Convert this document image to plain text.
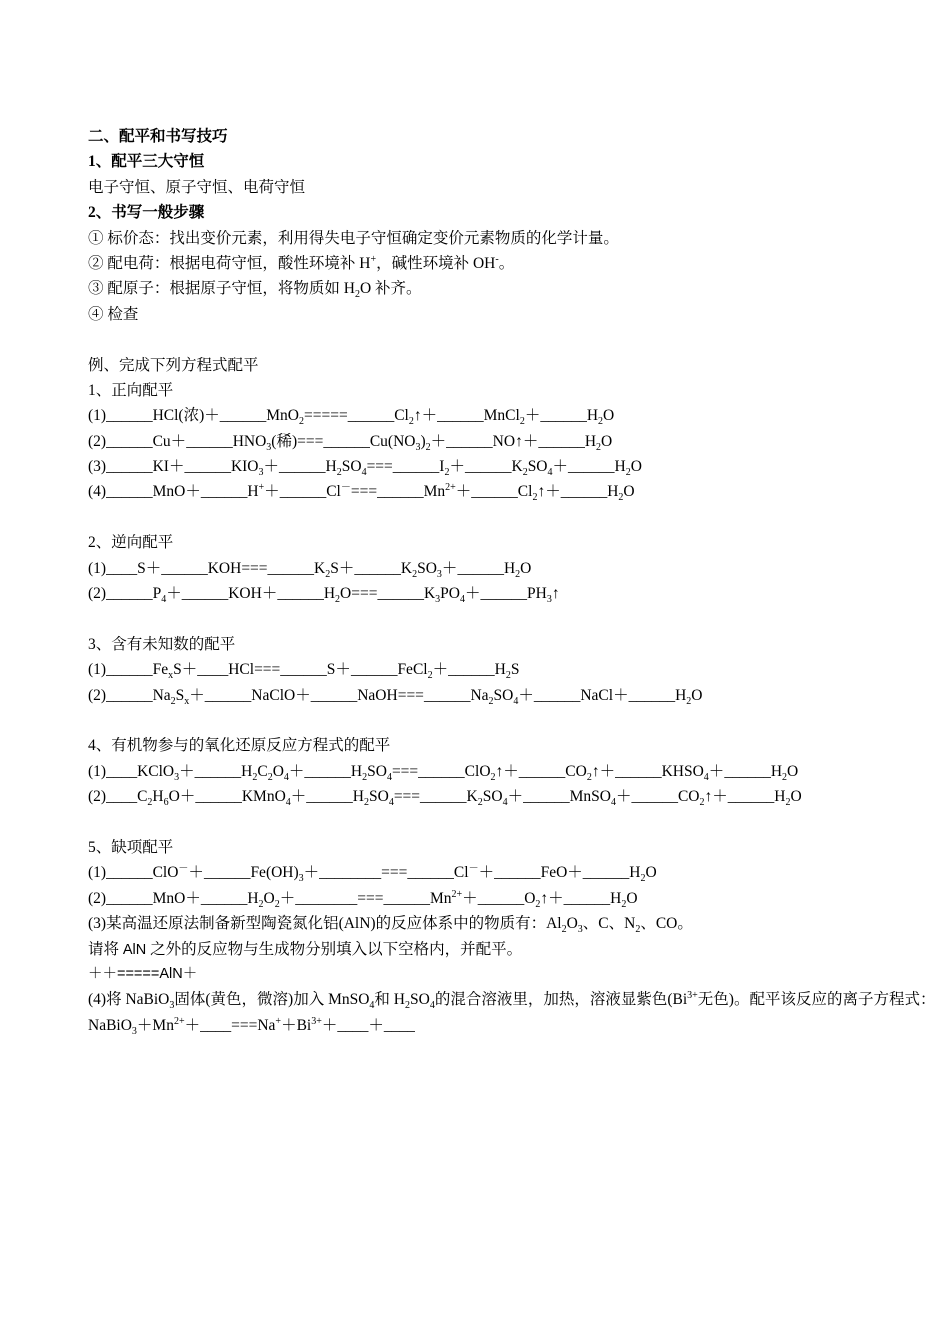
二、配平和书写技巧
1、配平三大守恒
电子守恒、原子守恒、电荷守恒
2、书写一般步骤
① 标价态：找出变价元素，利用得失电子守恒确定变价元素物质的化学计量。
② 配电荷：根据电荷守恒，酸性环境补 H+，碱性环境补 OH-。
③ 配原子：根据原子守恒，将物质如 $H_2O$ 补齐。
④ 检查
例、完成下列方程式配平
1、正向配平
(1)______HCl(浓)$+\_\_\_\_\_\_MnO_2=====\_\_\_\_\_\_Cl_2↑+\_\_\_\_\_\_MnCl_2+\_\_\_\_\_\_H_2O$
$(2)\_\_\_\_\_\_Cu+\_\_\_\_\_\_HNO_3$(稀)$===\_\_\_\_\_\_Cu(NO_3)_2+\_\_\_\_\_\_NO↑+\_\_\_\_\_\_H_2O$
$(3)\_\_\_\_\_\_KI+\_\_\_\_\_\_KIO_3+\_\_\_\_\_\_H_2SO_4===\_\_\_\_\_\_I_2+\_\_\_\_\_\_K_2SO_4+\_\_\_\_\_\_H_2O$
$(4)\_\_\_\_\_\_MnO+\_\_\_\_\_\_H^++\_\_\_\_\_\_Cl^-===\_\_\_\_\_\_Mn^{2+}+\_\_\_\_\_\_Cl_2↑+\_\_\_\_\_\_H_2O$
2、逆向配平
$(1)\_\_\_\_S+\_\_\_\_\_\_KOH===\_\_\_\_\_\_K_2S+\_\_\_\_\_\_K_2SO_3+\_\_\_\_\_\_H_2O$
$(2)\_\_\_\_\_\_P_4+\_\_\_\_\_\_KOH+\_\_\_\_\_\_H_2O===\_\_\_\_\_\_K_3PO_4+\_\_\_\_\_\_PH_3↑$
3、含有未知数的配平
$(1)\_\_\_\_\_\_Fe_xS+\_\_\_\_HCl===\_\_\_\_\_\_S+\_\_\_\_\_\_FeCl_2+\_\_\_\_\_\_H_2S$
$(2)\_\_\_\_\_\_Na_2S_x+\_\_\_\_\_\_NaClO+\_\_\_\_\_\_NaOH===\_\_\_\_\_\_Na_2SO_4+\_\_\_\_\_\_NaCl+\_\_\_\_\_\_H_2O$
4、有机物参与的氧化还原反应方程式的配平
$(1)\_\_\_\_KClO_3+\_\_\_\_\_\_H_2C_2O_4+\_\_\_\_\_\_H_2SO_4===\_\_\_\_\_\_ClO_2↑+\_\_\_\_\_\_CO_2↑+\_\_\_\_\_\_KHSO_4+\_\_\_\_\_\_H_2O$
$(2)\_\_\_\_C_2H_6O+\_\_\_\_\_\_KMnO_4+\_\_\_\_\_\_H_2SO_4===\_\_\_\_\_\_K_2SO_4+\_\_\_\_\_\_MnSO_4+\_\_\_\_\_\_CO_2↑+\_\_\_\_\_\_H_2O$
5、缺项配平
$(1)\_\_\_\_\_\_ClO^-+\_\_\_\_\_\_Fe(OH)_3+\_\_\_\_\_\_\_\_===\_\_\_\_\_\_Cl^-+\_\_\_\_\_\_FeO+\_\_\_\_\_\_H_2O$
$(2)\_\_\_\_\_\_MnO+\_\_\_\_\_\_H_2O_2+\_\_\_\_\_\_\_\_===\_\_\_\_\_\_Mn^{2+}+\_\_\_\_\_\_O_2↑+\_\_\_\_\_\_H_2O$
(3)某高温还原法制备新型陶瓷氮化铝(AlN)的反应体系中的物质有：$Al_2O_3$、C、$N_2$、CO。
请将 AlN 之外的反应物与生成物分别填入以下空格内，并配平。
＋＋=====AlN＋
(4)将 NaBiO$_3$固体(黄色，微溶)加入 MnSO$_4$和 $H_2SO_4$的混合溶液里，加热，溶液显紫色($Bi^{3+}$无色)。配平该反应的离子方程式：
$NaBiO_3+Mn^{2+}+\_\_\_\_===Na^++Bi^{3+}+\_\_\_\_+\_\_\_\_$
